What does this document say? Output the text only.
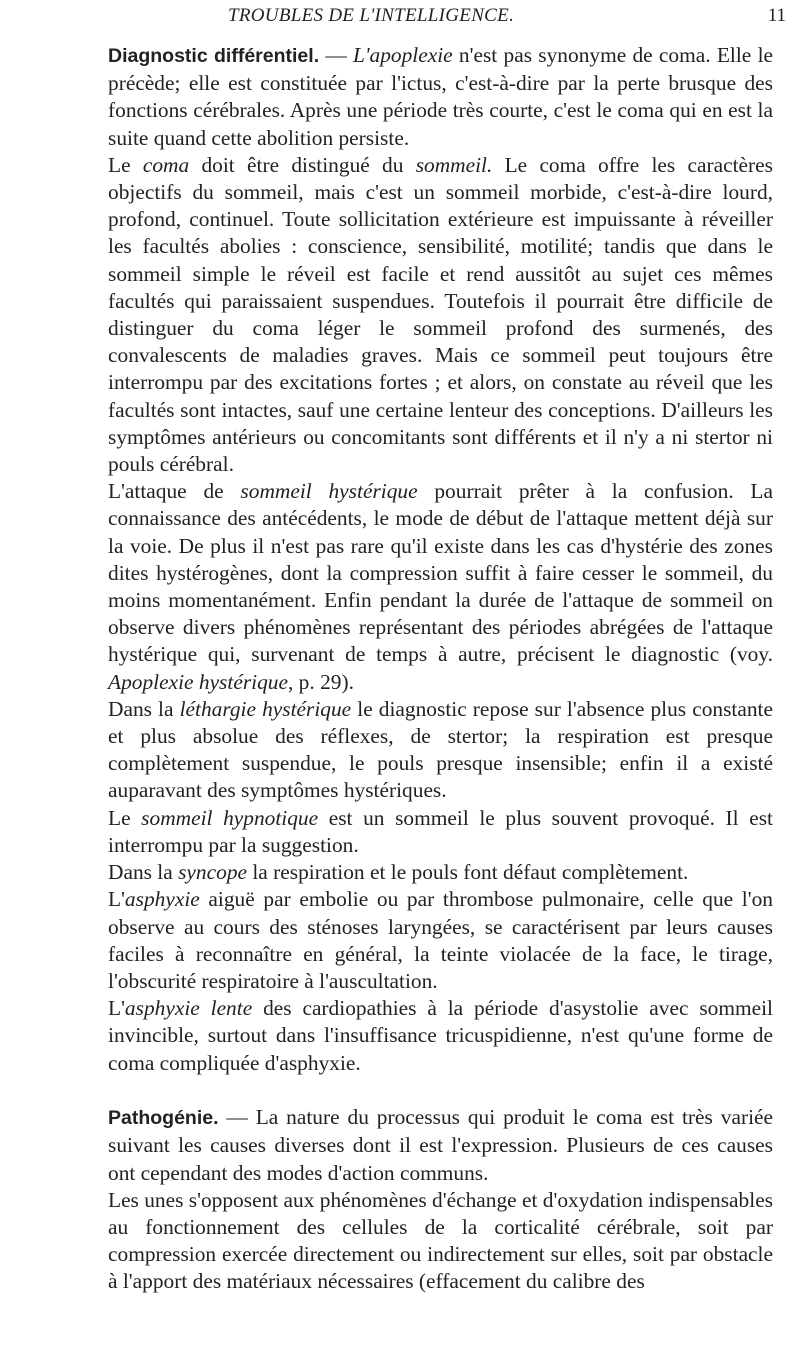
TROUBLES DE L'INTELLIGENCE.	11

Diagnostic différentiel. — L'apoplexie n'est pas synonyme de coma. Elle le précède; elle est constituée par l'ictus, c'est-à-dire par la perte brusque des fonctions cérébrales. Après une période très courte, c'est le coma qui en est la suite quand cette abolition persiste.

Le coma doit être distingué du sommeil. Le coma offre les caractères objectifs du sommeil, mais c'est un sommeil morbide, c'est-à-dire lourd, profond, continuel. Toute sollicitation extérieure est impuissante à réveiller les facultés abolies : conscience, sensibilité, motilité; tandis que dans le sommeil simple le réveil est facile et rend aussitôt au sujet ces mêmes facultés qui paraissaient suspendues. Toutefois il pourrait être difficile de distinguer du coma léger le sommeil profond des surmenés, des convalescents de maladies graves. Mais ce sommeil peut toujours être interrompu par des excitations fortes ; et alors, on constate au réveil que les facultés sont intactes, sauf une certaine lenteur des conceptions. D'ailleurs les symptômes antérieurs ou concomitants sont différents et il n'y a ni stertor ni pouls cérébral.

L'attaque de sommeil hystérique pourrait prêter à la confusion. La connaissance des antécédents, le mode de début de l'attaque mettent déjà sur la voie. De plus il n'est pas rare qu'il existe dans les cas d'hystérie des zones dites hystérogènes, dont la compression suffit à faire cesser le sommeil, du moins momentanément. Enfin pendant la durée de l'attaque de sommeil on observe divers phénomènes représentant des périodes abrégées de l'attaque hystérique qui, survenant de temps à autre, précisent le diagnostic (voy. Apoplexie hystérique, p. 29).

Dans la léthargie hystérique le diagnostic repose sur l'absence plus constante et plus absolue des réflexes, de stertor; la respiration est presque complètement suspendue, le pouls presque insensible; enfin il a existé auparavant des symptômes hystériques.

Le sommeil hypnotique est un sommeil le plus souvent provoqué. Il est interrompu par la suggestion.

Dans la syncope la respiration et le pouls font défaut complètement.

L'asphyxie aiguë par embolie ou par thrombose pulmonaire, celle que l'on observe au cours des sténoses laryngées, se caractérisent par leurs causes faciles à reconnaître en général, la teinte violacée de la face, le tirage, l'obscurité respiratoire à l'auscultation.

L'asphyxie lente des cardiopathies à la période d'asystolie avec sommeil invincible, surtout dans l'insuffisance tricuspidienne, n'est qu'une forme de coma compliquée d'asphyxie.

Pathogénie. — La nature du processus qui produit le coma est très variée suivant les causes diverses dont il est l'expression. Plusieurs de ces causes ont cependant des modes d'action communs.

Les unes s'opposent aux phénomènes d'échange et d'oxydation indispensables au fonctionnement des cellules de la corticalité cérébrale, soit par compression exercée directement ou indirectement sur elles, soit par obstacle à l'apport des matériaux nécessaires (effacement du calibre des
